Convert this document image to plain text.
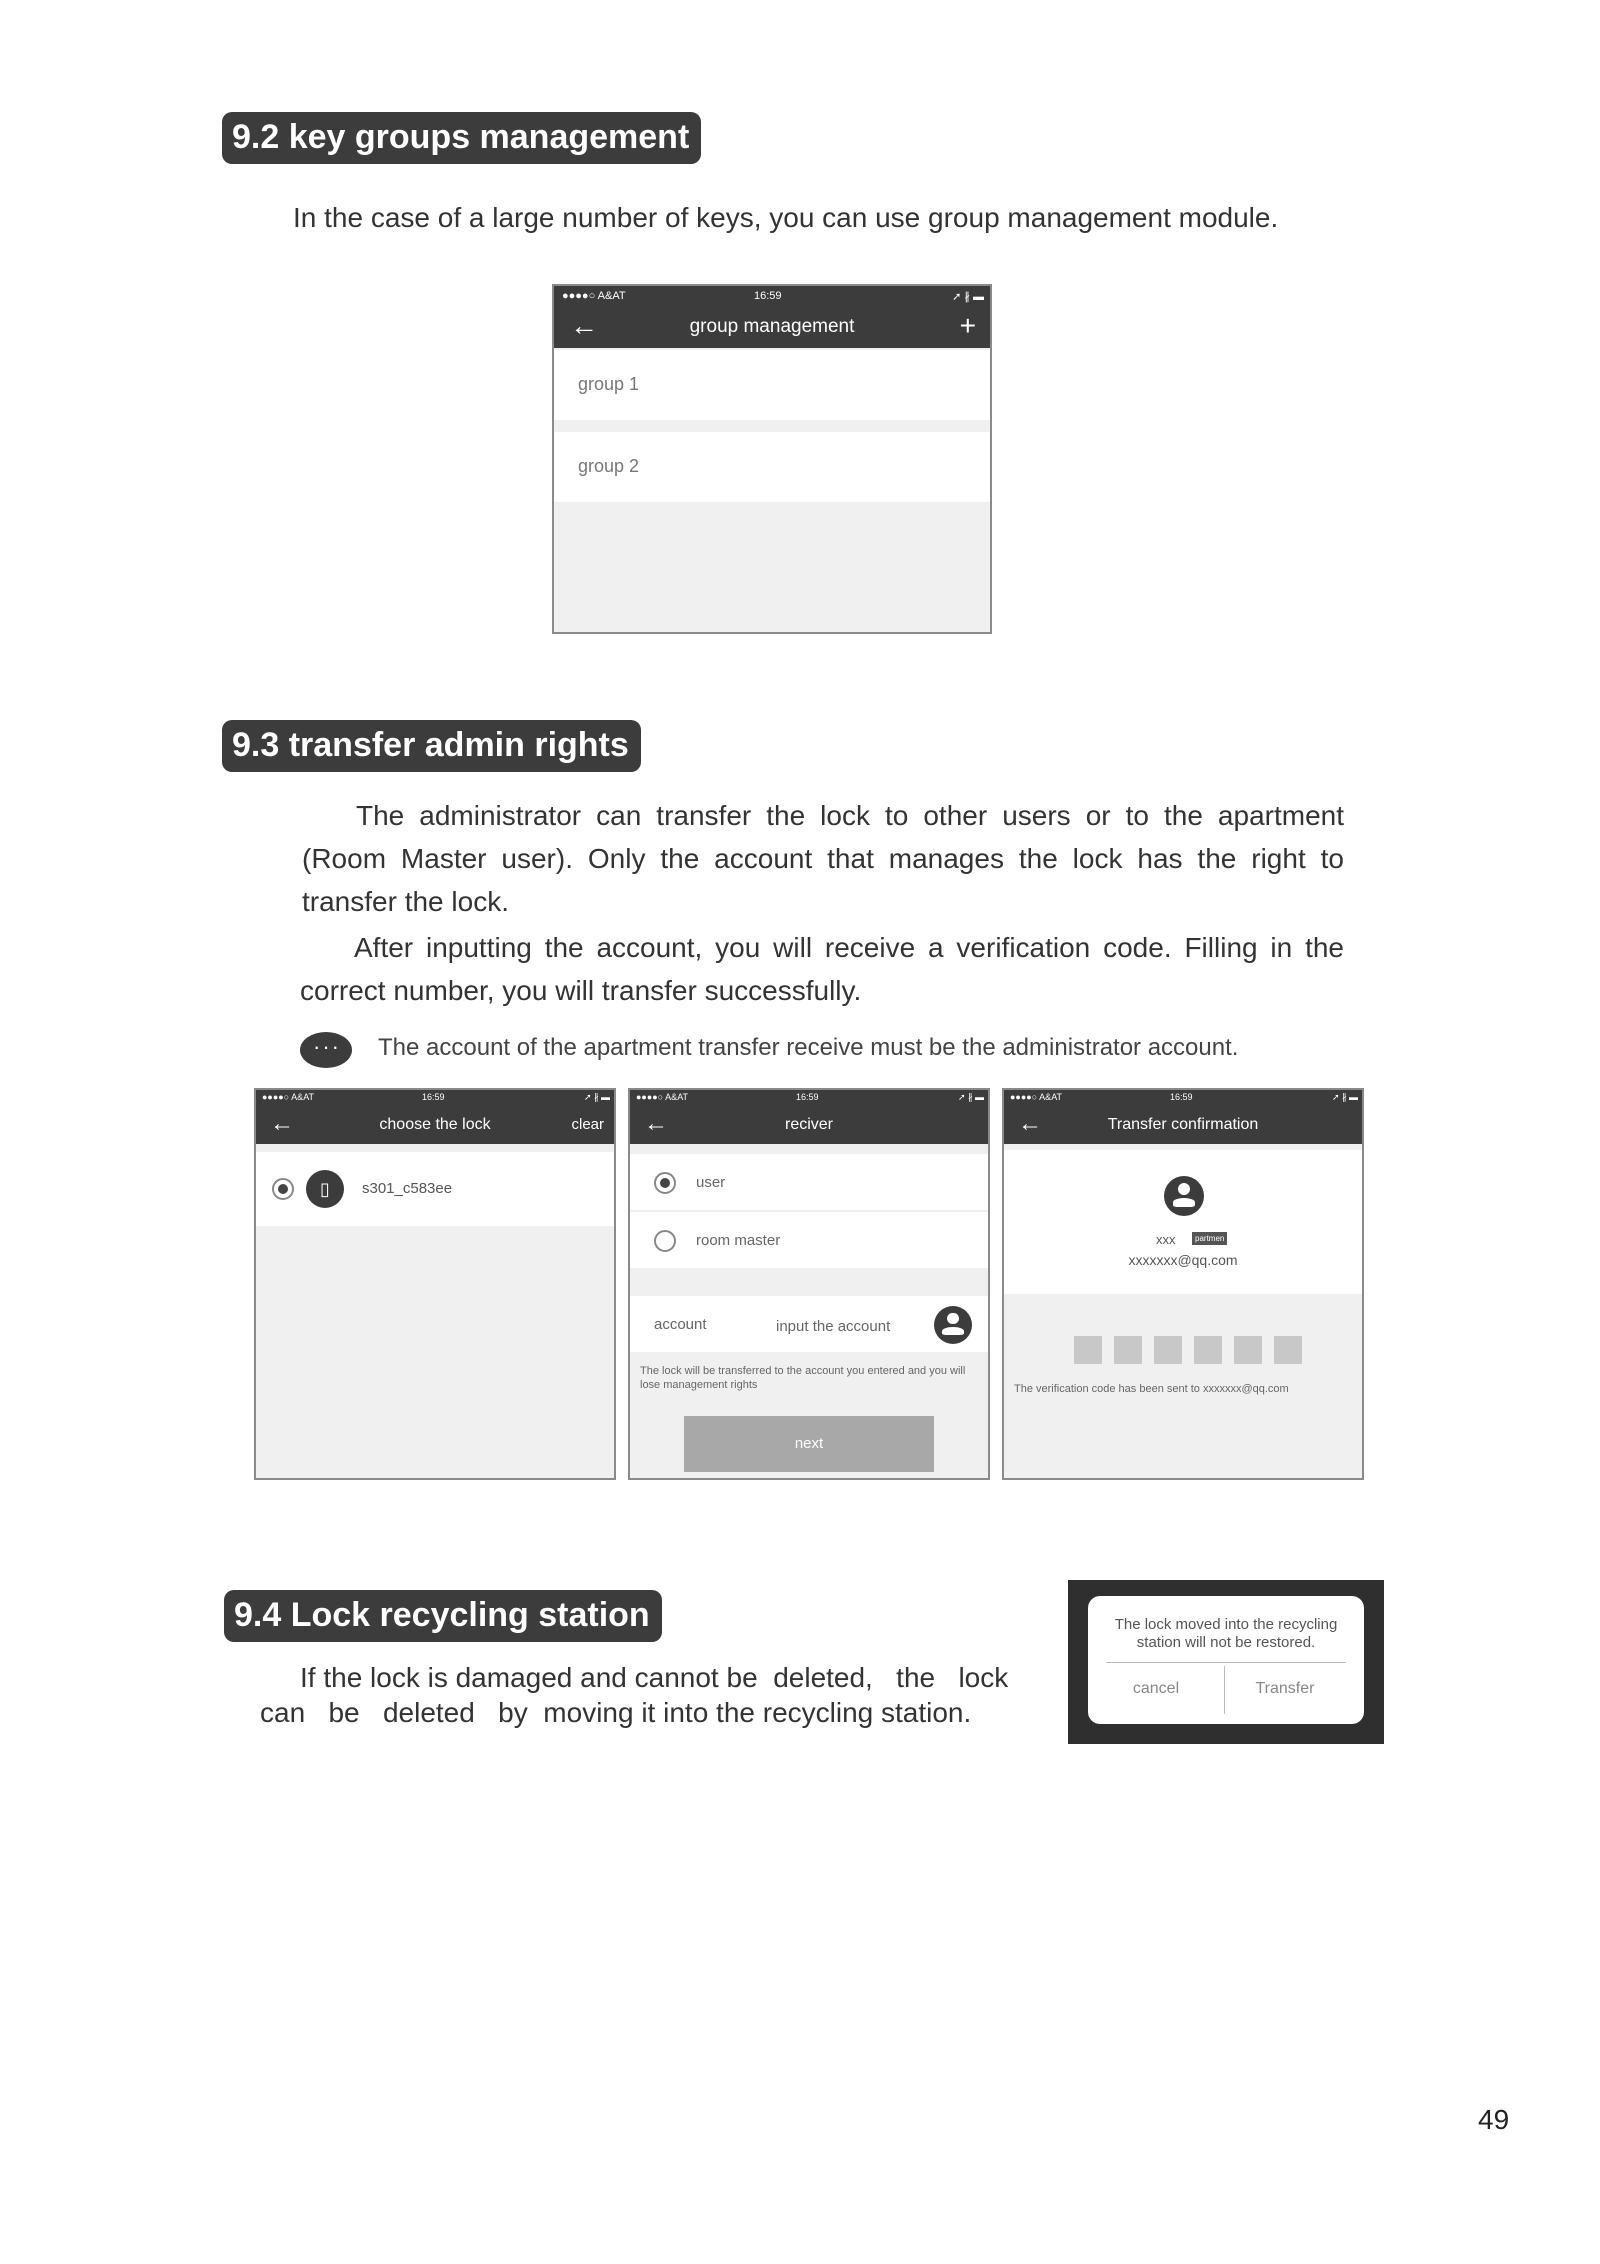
9.2 key groups management
In the case of a large number of keys, you can use group management module.
●●●●○ A&AT	16:59	➚ ∦ ▬
←	group management	+
group 1
group 2
9.3 transfer admin rights
The administrator can transfer the lock to other users or to the apartment (Room Master user). Only the account that manages the lock has the right to transfer the lock.
After inputting the account, you will receive a verification code. Filling in the correct number, you will transfer successfully.
··· The account of the apartment transfer receive must be the administrator account.
●●●●○ A&AT	16:59	➚ ∦ ▬
←	choose the lock	clear
▯	s301_c583ee
●●●●○ A&AT	16:59	➚ ∦ ▬
←	reciver
user
room master
account	input the account
The lock will be transferred to the account you entered and you will lose management rights
next
●●●●○ A&AT	16:59	➚ ∦ ▬
←	Transfer confirmation
xxx	partmen
xxxxxxx@qq.com
The verification code has been sent to xxxxxxx@qq.com
9.4 Lock recycling station
If the lock is damaged and cannot be  deleted,   the   lock
can   be   deleted   by  moving it into the recycling station.
The lock moved into the recycling station will not be restored.
cancel	Transfer
49
